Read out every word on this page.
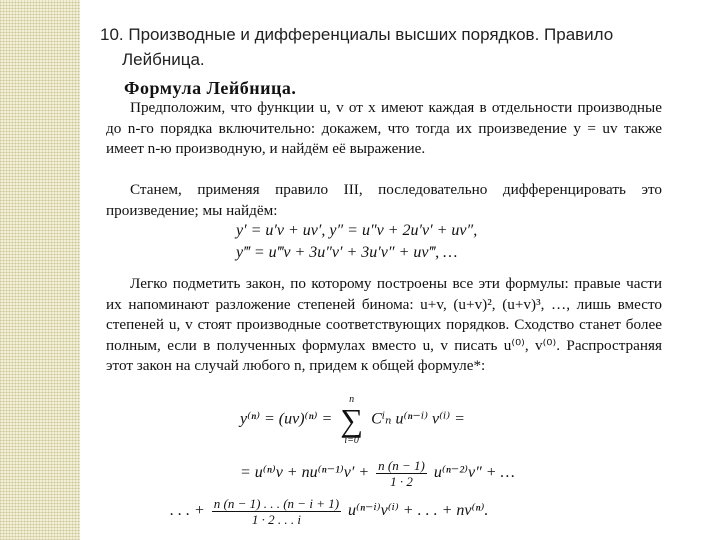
10. Производные и дифференциалы высших порядков. Правило
Лейбница.
Формула Лейбница.
Предположим, что функции u, v от x имеют каждая в отдельности производные до n-го порядка включительно: докажем, что тогда их произведение y = uv также имеет n-ю производную, и найдём её выражение.
Станем, применяя правило III, последовательно дифференцировать это произведение; мы найдём:
y′ = u′v + uv′, y″ = u″v + 2u′v′ + uv″,
y‴ = u‴v + 3u″v′ + 3u′v″ + uv‴, …
Легко подметить закон, по которому построены все эти формулы: правые части их напоминают разложение степеней бинома: u+v, (u+v)², (u+v)³, …, лишь вместо степеней u, v стоят производные соответствующих порядков. Сходство станет более полным, если в полученных формулах вместо u, v писать u⁽⁰⁾, v⁽⁰⁾. Распространяя этот закон на случай любого n, придем к общей формуле*:
y⁽ⁿ⁾ = (uv)⁽ⁿ⁾ =
n
∑
i=0
Cⁱₙ u⁽ⁿ⁻ⁱ⁾ v⁽ⁱ⁾ =
= $u^{(n)}v + nu^{(n-1)}v' + \frac{n (n - 1)}{1 \cdot 2} u^{(n-2)}v''$ + …
. . . + $\frac{n (n - 1) . . . (n - i + 1)}{1 \cdot 2 . . . i} u^{(n-i)}v^{(i)}$ + . . . + nv⁽ⁿ⁾.
